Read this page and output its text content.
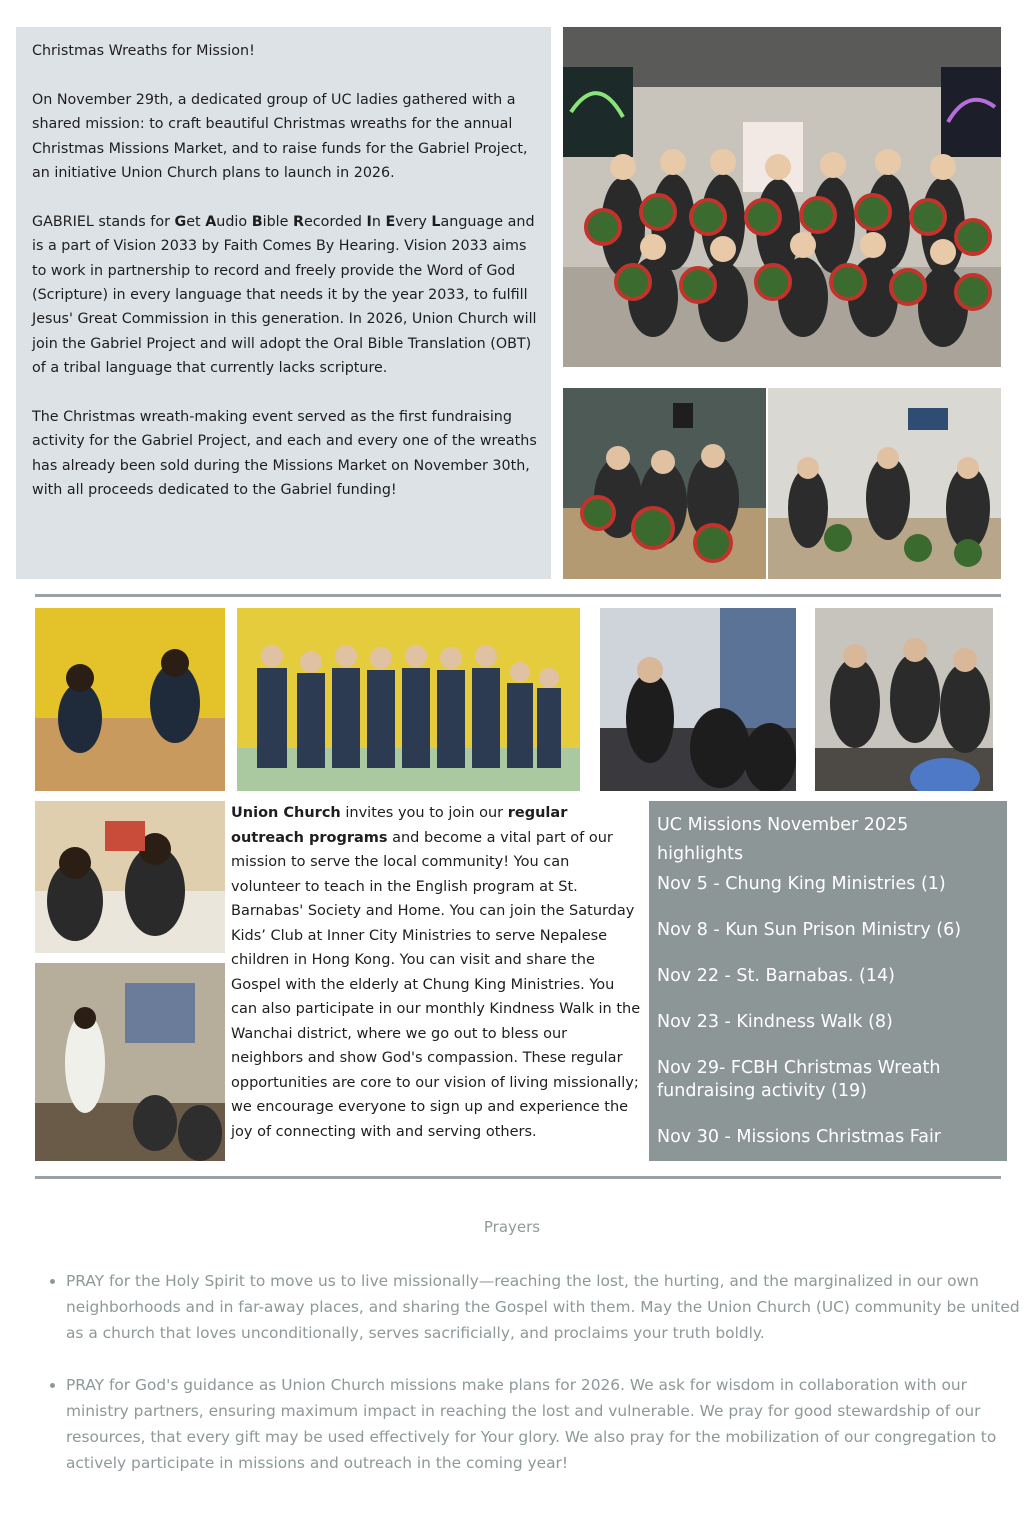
Christmas Wreaths for Mission!

On November 29th, a dedicated group of UC ladies gathered with a shared mission: to craft beautiful Christmas wreaths for the annual Christmas Missions Market, and to raise funds for the Gabriel Project, an initiative Union Church plans to launch in 2026.

GABRIEL stands for Get Audio Bible Recorded In Every Language and is a part of Vision 2033 by Faith Comes By Hearing. Vision 2033 aims to work in partnership to record and freely provide the Word of God (Scripture) in every language that needs it by the year 2033, to fulfill Jesus' Great Commission in this generation. In 2026, Union Church will join the Gabriel Project and will adopt the Oral Bible Translation (OBT) of a tribal language that currently lacks scripture.

The Christmas wreath-making event served as the first fundraising activity for the Gabriel Project, and each and every one of the wreaths has already been sold during the Missions Market on November 30th, with all proceeds dedicated to the Gabriel funding!

Union Church invites you to join our regular outreach programs and become a vital part of our mission to serve the local community! You can volunteer to teach in the English program at St. Barnabas' Society and Home. You can join the Saturday Kids’ Club at Inner City Ministries to serve Nepalese children in Hong Kong. You can visit and share the Gospel with the elderly at Chung King Ministries. You can also participate in our monthly Kindness Walk in the Wanchai district, where we go out to bless our neighbors and show God's compassion. These regular opportunities are core to our vision of living missionally; we encourage everyone to sign up and experience the joy of connecting with and serving others.
UC Missions November 2025 highlights
Nov 5 - Chung King Ministries (1)
Nov 8 - Kun Sun Prison Ministry (6)
Nov 22 - St. Barnabas. (14)
Nov 23 - Kindness Walk (8)
Nov 29- FCBH Christmas Wreath fundraising activity (19)
Nov 30 - Missions Christmas Fair
Prayers
• PRAY for the Holy Spirit to move us to live missionally—reaching the lost, the hurting, and the marginalized in our own neighborhoods and in far-away places, and sharing the Gospel with them. May the Union Church (UC) community be united as a church that loves unconditionally, serves sacrificially, and proclaims your truth boldly.
• PRAY for God's guidance as Union Church missions make plans for 2026. We ask for wisdom in collaboration with our ministry partners, ensuring maximum impact in reaching the lost and vulnerable. We pray for good stewardship of our resources, that every gift may be used effectively for Your glory. We also pray for the mobilization of our congregation to actively participate in missions and outreach in the coming year!
